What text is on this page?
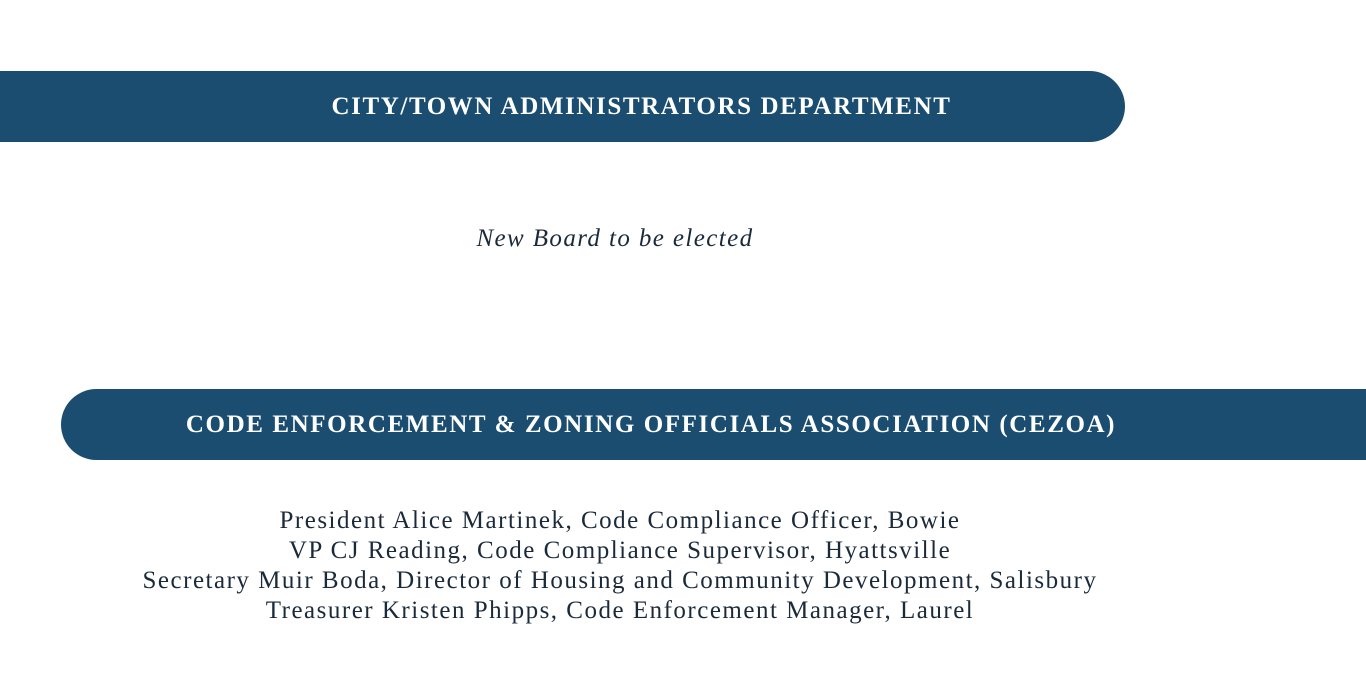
CITY/TOWN ADMINISTRATORS DEPARTMENT
New Board to be elected
CODE ENFORCEMENT & ZONING OFFICIALS ASSOCIATION (CEZOA)
President Alice Martinek, Code Compliance Officer, Bowie
VP CJ Reading, Code Compliance Supervisor, Hyattsville
Secretary Muir Boda, Director of Housing and Community Development, Salisbury
Treasurer Kristen Phipps, Code Enforcement Manager, Laurel
